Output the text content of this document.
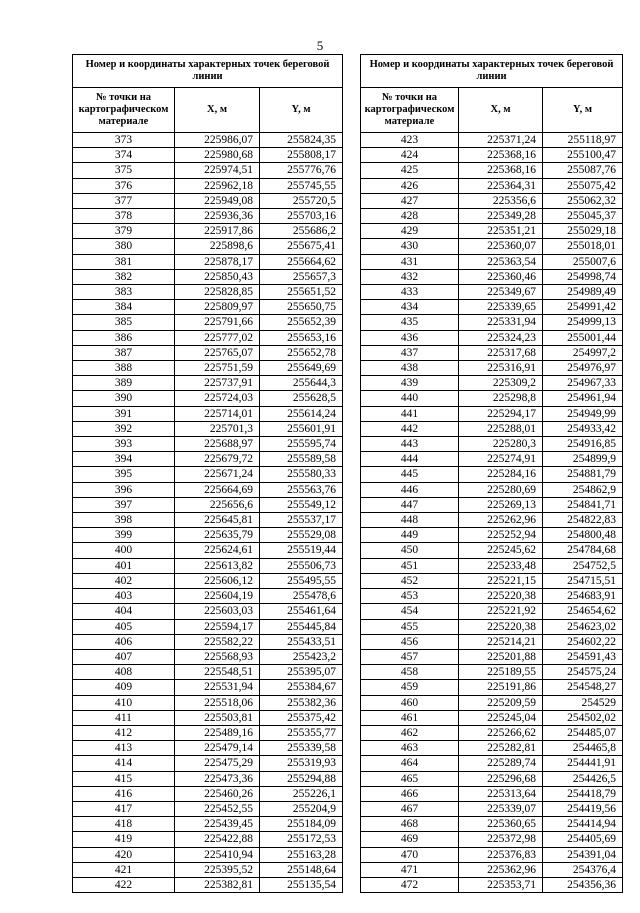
5
Номер и координаты характерных точек береговой линии		
№ точки на картографическом материале	X, м	Y, м
373	225986,07	255824,35
374	225980,68	255808,17
375	225974,51	255776,76
376	225962,18	255745,55
377	225949,08	255720,5
378	225936,36	255703,16
379	225917,86	255686,2
380	225898,6	255675,41
381	225878,17	255664,62
382	225850,43	255657,3
383	225828,85	255651,52
384	225809,97	255650,75
385	225791,66	255652,39
386	225777,02	255653,16
387	225765,07	255652,78
388	225751,59	255649,69
389	225737,91	255644,3
390	225724,03	255628,5
391	225714,01	255614,24
392	225701,3	255601,91
393	225688,97	255595,74
394	225679,72	255589,58
395	225671,24	255580,33
396	225664,69	255563,76
397	225656,6	255549,12
398	225645,81	255537,17
399	225635,79	255529,08
400	225624,61	255519,44
401	225613,82	255506,73
402	225606,12	255495,55
403	225604,19	255478,6
404	225603,03	255461,64
405	225594,17	255445,84
406	225582,22	255433,51
407	225568,93	255423,2
408	225548,51	255395,07
409	225531,94	255384,67
410	225518,06	255382,36
411	225503,81	255375,42
412	225489,16	255355,77
413	225479,14	255339,58
414	225475,29	255319,93
415	225473,36	255294,88
416	225460,26	255226,1
417	225452,55	255204,9
418	225439,45	255184,09
419	225422,88	255172,53
420	225410,94	255163,28
421	225395,52	255148,64
422	225382,81	255135,54
Номер и координаты характерных точек береговой линии		
№ точки на картографическом материале	X, м	Y, м
423	225371,24	255118,97
424	225368,16	255100,47
425	225368,16	255087,76
426	225364,31	255075,42
427	225356,6	255062,32
428	225349,28	255045,37
429	225351,21	255029,18
430	225360,07	255018,01
431	225363,54	255007,6
432	225360,46	254998,74
433	225349,67	254989,49
434	225339,65	254991,42
435	225331,94	254999,13
436	225324,23	255001,44
437	225317,68	254997,2
438	225316,91	254976,97
439	225309,2	254967,33
440	225298,8	254961,94
441	225294,17	254949,99
442	225288,01	254933,42
443	225280,3	254916,85
444	225274,91	254899,9
445	225284,16	254881,79
446	225280,69	254862,9
447	225269,13	254841,71
448	225262,96	254822,83
449	225252,94	254800,48
450	225245,62	254784,68
451	225233,48	254752,5
452	225221,15	254715,51
453	225220,38	254683,91
454	225221,92	254654,62
455	225220,38	254623,02
456	225214,21	254602,22
457	225201,88	254591,43
458	225189,55	254575,24
459	225191,86	254548,27
460	225209,59	254529
461	225245,04	254502,02
462	225266,62	254485,07
463	225282,81	254465,8
464	225289,74	254441,91
465	225296,68	254426,5
466	225313,64	254418,79
467	225339,07	254419,56
468	225360,65	254414,94
469	225372,98	254405,69
470	225376,83	254391,04
471	225362,96	254376,4
472	225353,71	254356,36
